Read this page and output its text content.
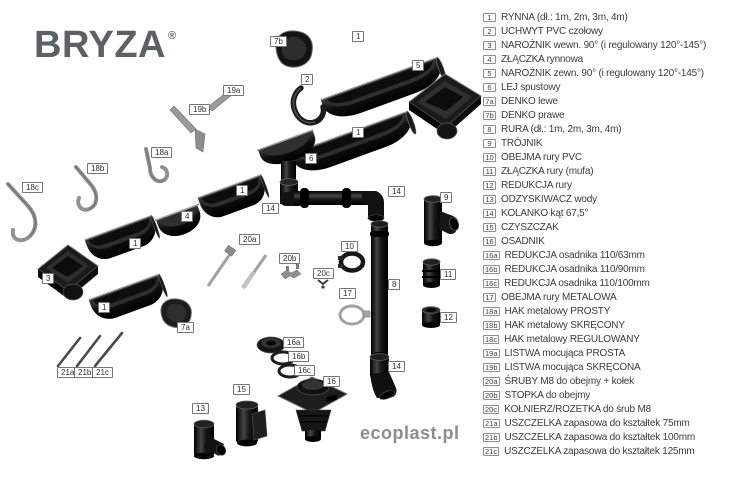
BRYZA ®	7b
1
5
2
1
6
19a
19b
18a
18b
18c	1
4
14
14
1
3
1
7a
20a
20b
20c
10
17
8
9
11
12
16a
16b
16c
16
15
13
14
21a 21b 21c
ecoplast.pl
1 RYNNA (dł.: 1m, 2m, 3m, 4m)
2 UCHWYT PVC czołowy
3 NAROŻNIK wewn. 90° (i regulowany 120°-145°)
4 ZŁĄCZKA rynnowa
5 NAROŻNIK zewn. 90° (i regulowany 120°-145°)
6 LEJ spustowy
7a DENKO lewe
7b DENKO prawe
8 RURA (dł.: 1m, 2m, 3m, 4m)
9 TRÓJNIK
10 OBEJMA rury PVC
11 ZŁĄCZKA rury (mufa)
12 REDUKCJA rury
13 ODZYSKIWACZ wody
14 KOLANKO kąt 67,5°
15 CZYSZCZAK
16 OSADNIK
16a REDUKCJA osadnika 110/63mm
16b REDUKCJA osadnika 110/90mm
16c REDUKCJA osadnika 110/100mm
17 OBEJMA rury METALOWA
18a HAK metalowy PROSTY
18b HAK metalowy SKRĘCONY
18c HAK metalowy REGULOWANY
19a LISTWA mocująca PROSTA
19b LISTWA mocująca SKRĘCONA
20a ŚRUBY M8 do obejmy + kołek
20b STOPKA do obejmy
20c KOŁNIERZ/ROZETKA do śrub M8
21a USZCZELKA zapasowa do kształtek 75mm
21b USZCZELKA zapasowa do kształtek 100mm
21c USZCZELKA zapasowa do kształtek 125mm
